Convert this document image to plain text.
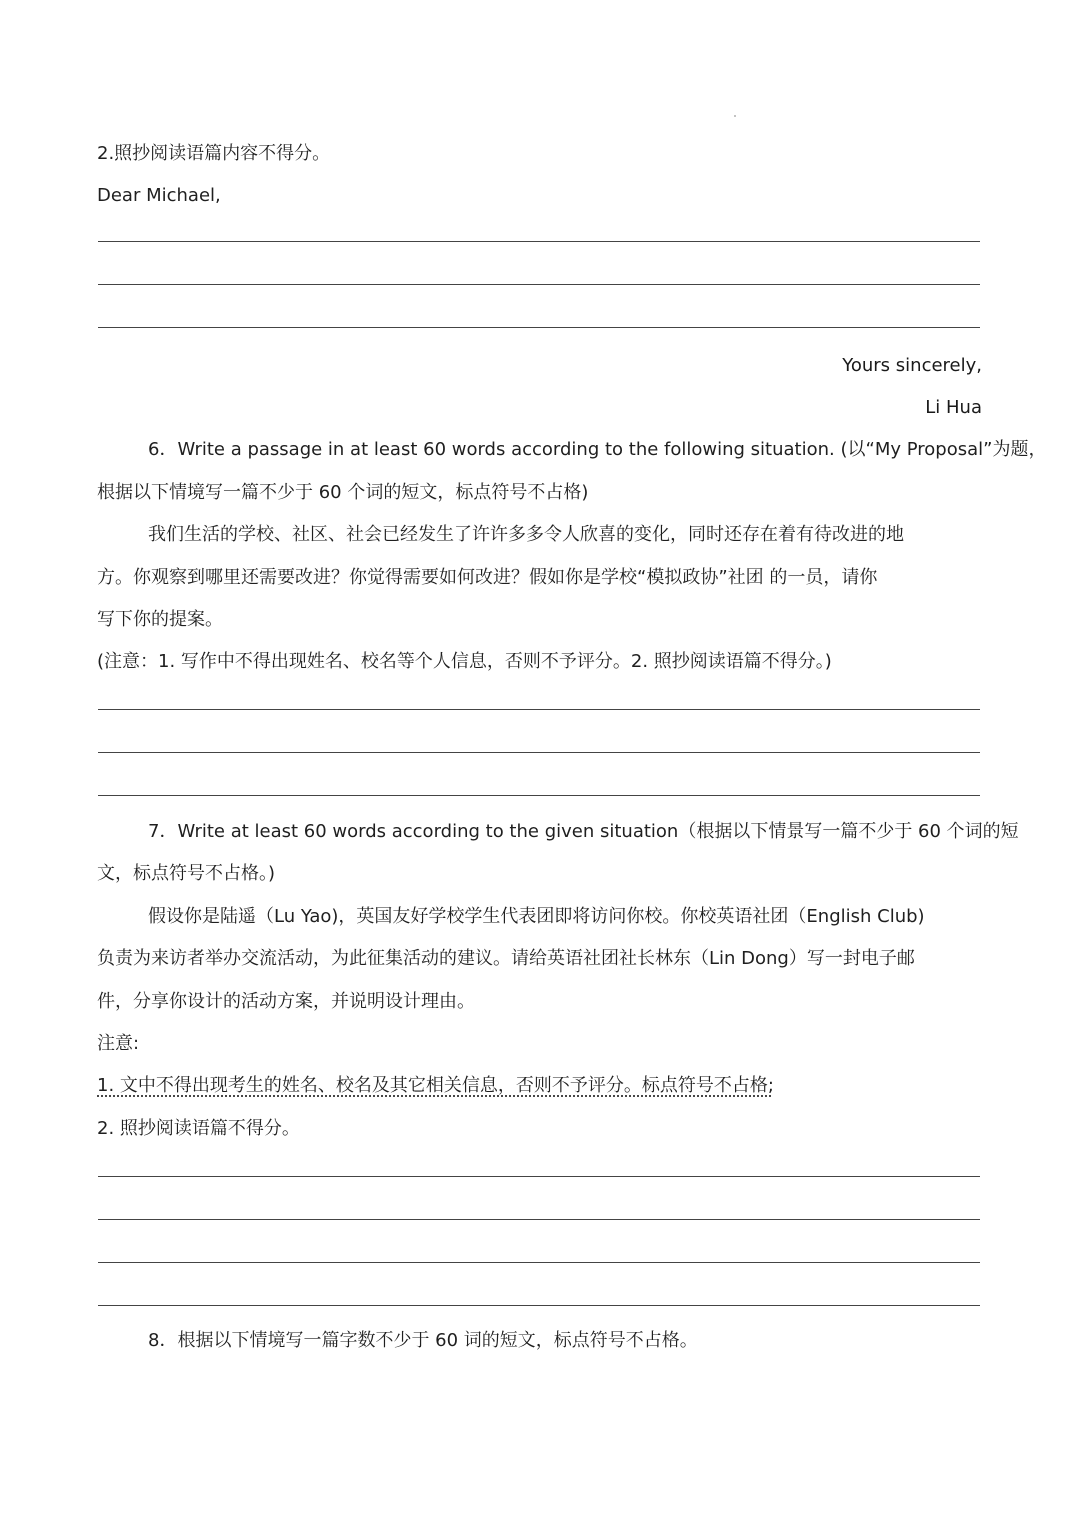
2.照抄阅读语篇内容不得分。
Dear Michael,
Yours sincerely,
Li Hua
6．Write a passage in at least 60 words according to the following situation. (以“My Proposal”为题，
根据以下情境写一篇不少于 60 个词的短文，标点符号不占格)
我们生活的学校、社区、社会已经发生了许许多多令人欣喜的变化，同时还存在着有待改进的地
方。你观察到哪里还需要改进？你觉得需要如何改进？假如你是学校“模拟政协”社团 的一员，请你
写下你的提案。
(注意：1. 写作中不得出现姓名、校名等个人信息，否则不予评分。2. 照抄阅读语篇不得分。)
7．Write at least 60 words according to the given situation（根据以下情景写一篇不少于 60 个词的短
文，标点符号不占格。)
假设你是陆遥（Lu Yao)，英国友好学校学生代表团即将访问你校。你校英语社团（English Club)
负责为来访者举办交流活动，为此征集活动的建议。请给英语社团社长林东（Lin Dong）写一封电子邮
件，分享你设计的活动方案，并说明设计理由。
注意:
1. 文中不得出现考生的姓名、校名及其它相关信息，否则不予评分。标点符号不占格;
2. 照抄阅读语篇不得分。
8．根据以下情境写一篇字数不少于 60 词的短文，标点符号不占格。
